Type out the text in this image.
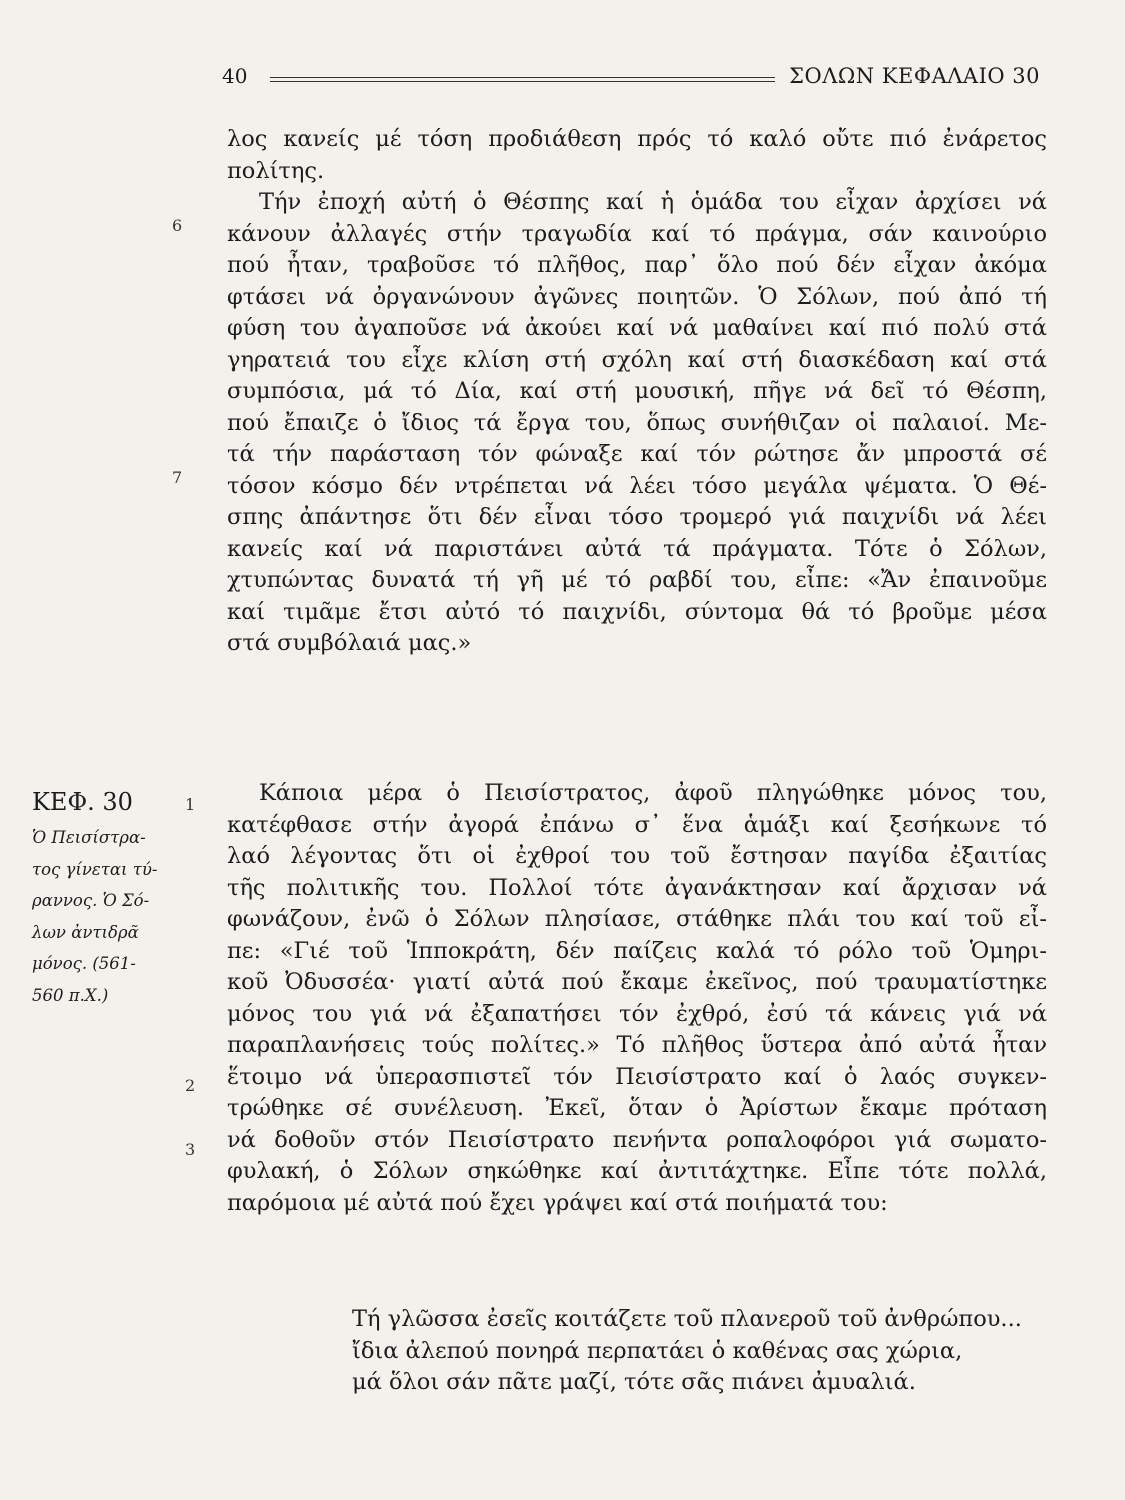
40	ΣΟΛΩΝ ΚΕΦΑΛΑΙΟ 30
6
7
1
2
3
ΚΕΦ. 30
Ὁ Πεισίστρα-
τος γίνεται τύ-
ραννος. Ὁ Σό-
λων ἀντιδρᾶ
μόνος. (561-
560 π.Χ.)
λος κανείς μέ τόση προδιάθεση πρός τό καλό οὔτε πιό ἐνάρετος
πολίτης.
Τήν ἐποχή αὐτή ὁ Θέσπης καί ἡ ὁμάδα του εἶχαν ἀρχίσει νά
κάνουν ἀλλαγές στήν τραγωδία καί τό πράγμα, σάν καινούριο
πού ἦταν, τραβοῦσε τό πλῆθος, παρ᾽ ὅλο πού δέν εἶχαν ἀκόμα
φτάσει νά ὀργανώνουν ἀγῶνες ποιητῶν. Ὁ Σόλων, πού ἀπό τή
φύση του ἀγαποῦσε νά ἀκούει καί νά μαθαίνει καί πιό πολύ στά
γηρατειά του εἶχε κλίση στή σχόλη καί στή διασκέδαση καί στά
συμπόσια, μά τό Δία, καί στή μουσική, πῆγε νά δεῖ τό Θέσπη,
πού ἔπαιζε ὁ ἴδιος τά ἔργα του, ὅπως συνήθιζαν οἱ παλαιοί. Με-
τά τήν παράσταση τόν φώναξε καί τόν ρώτησε ἄν μπροστά σέ
τόσον κόσμο δέν ντρέπεται νά λέει τόσο μεγάλα ψέματα. Ὁ Θέ-
σπης ἀπάντησε ὅτι δέν εἶναι τόσο τρομερό γιά παιχνίδι νά λέει
κανείς καί νά παριστάνει αὐτά τά πράγματα. Τότε ὁ Σόλων,
χτυπώντας δυνατά τή γῆ μέ τό ραβδί του, εἶπε: «Ἄν ἐπαινοῦμε
καί τιμᾶμε ἔτσι αὐτό τό παιχνίδι, σύντομα θά τό βροῦμε μέσα
στά συμβόλαιά μας.»
Κάποια μέρα ὁ Πεισίστρατος, ἀφοῦ πληγώθηκε μόνος του,
κατέφθασε στήν ἀγορά ἐπάνω σ᾽ ἕνα ἁμάξι καί ξεσήκωνε τό
λαό λέγοντας ὅτι οἱ ἐχθροί του τοῦ ἔστησαν παγίδα ἐξαιτίας
τῆς πολιτικῆς του. Πολλοί τότε ἀγανάκτησαν καί ἄρχισαν νά
φωνάζουν, ἐνῶ ὁ Σόλων πλησίασε, στάθηκε πλάι του καί τοῦ εἶ-
πε: «Γιέ τοῦ Ἱπποκράτη, δέν παίζεις καλά τό ρόλο τοῦ Ὁμηρι-
κοῦ Ὀδυσσέα· γιατί αὐτά πού ἔκαμε ἐκεῖνος, πού τραυματίστηκε
μόνος του γιά νά ἐξαπατήσει τόν ἐχθρό, ἐσύ τά κάνεις γιά νά
παραπλανήσεις τούς πολίτες.» Τό πλῆθος ὕστερα ἀπό αὐτά ἦταν
ἕτοιμο νά ὑπερασπιστεῖ τόν Πεισίστρατο καί ὁ λαός συγκεν-
τρώθηκε σέ συνέλευση. Ἐκεῖ, ὅταν ὁ Ἀρίστων ἔκαμε πρόταση
νά δοθοῦν στόν Πεισίστρατο πενήντα ροπαλοφόροι γιά σωματο-
φυλακή, ὁ Σόλων σηκώθηκε καί ἀντιτάχτηκε. Εἶπε τότε πολλά,
παρόμοια μέ αὐτά πού ἔχει γράψει καί στά ποιήματά του:
Τή γλῶσσα ἐσεῖς κοιτάζετε τοῦ πλανεροῦ τοῦ ἀνθρώπου...
ἴδια ἀλεπού πονηρά περπατάει ὁ καθένας σας χώρια,
μά ὅλοι σάν πᾶτε μαζί, τότε σᾶς πιάνει ἀμυαλιά.
